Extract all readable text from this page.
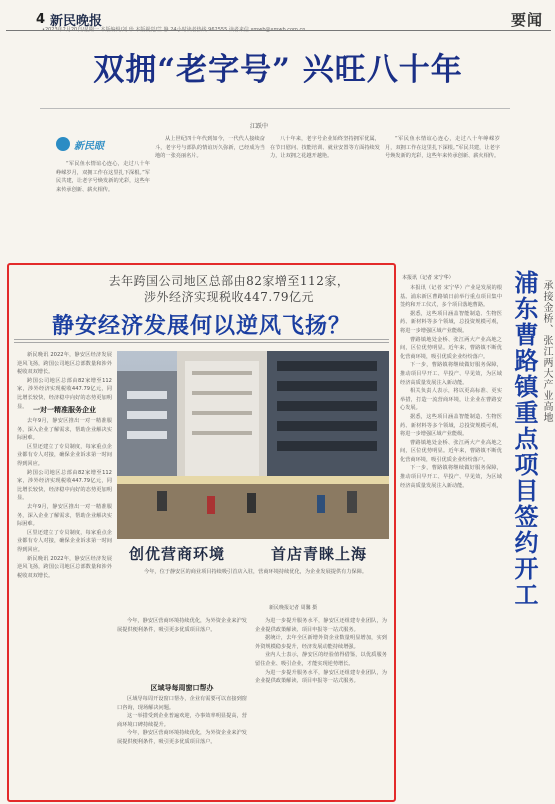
4 新民晚报	要闻
双拥“老字号” 兴旺八十年
江跃中
新民眼

“军民鱼水情谊心连心，走过八十年峥嵘岁月，双拥工作在这里扎下深根。”军民共建，让老字号焕发新的光彩，这些年来传承创新、薪火相传。

从上世纪四十年代到如今，一代代人接续奋斗，老字号与部队的情谊历久弥新，已经成为当地的一张亮丽名片。

八十年来，老字号企业始终坚持拥军优属，在节日慰问、技能培训、就业安置等方面持续发力，让双拥之花越开越艳。

“军民鱼水情谊心连心，走过八十年峥嵘岁月，双拥工作在这里扎下深根。”军民共建，让老字号焕发新的光彩，这些年来传承创新、薪火相传。

去年跨国公司地区总部由82家增至112家，
涉外经济实现税收447.79亿元
静安经济发展何以逆风飞扬？

新民晚讯 2022年，静安区经济发展逆风飞扬，跨国公司地区总部数量和涉外税收双双增长。

跨国公司地区总部由82家增至112家，涉外经济实现税收447.79亿元，同比增长较快，经济稳中向好的态势更加明显。 一对一精准服务企业

去年9月，静安区推出一对一精准服务，深入企业了解需求，帮助企业解决实际困难。

区里还建立了专员制度，每家重点企业都有专人对接，确保企业诉求第一时间得到回应。

跨国公司地区总部由82家增至112家，涉外经济实现税收447.79亿元，同比增长较快，经济稳中向好的态势更加明显。

去年9月，静安区推出一对一精准服务，深入企业了解需求，帮助企业解决实际困难。

区里还建立了专员制度，每家重点企业都有专人对接，确保企业诉求第一时间得到回应。

新民晚讯 2022年，静安区经济发展逆风飞扬，跨国公司地区总部数量和涉外税收双双增长。

创优营商环境	首店青睐上海
今年，位于静安区的商业项目持续吸引首店入驻，营商环境持续优化，为企业发展提供有力保障。
新民晚报记者 周馨 摄

今年，静安区营商环境持续优化，为外资企业来沪发展提供便利条件，吸引更多优质项目落户。

区域导每周窗口帮办

区域导每周开设窗口帮办，企业有需要可以直接到窗口咨询，现场解决问题。

这一举措受到企业普遍欢迎，办事效率明显提高，营商环境口碑持续提升。

今年，静安区营商环境持续优化，为外资企业来沪发展提供便利条件，吸引更多优质项目落户。

为进一步提升服务水平，静安区还组建专业团队，为企业提供政策解读、项目申报等一站式服务。

据统计，去年全区新增外资企业数量明显增加，实到外资规模稳步提升，经济发展动能持续增强。

业内人士表示，静安区的经验值得借鉴，以优质服务留住企业、吸引企业，才能实现逆势增长。

为进一步提升服务水平，静安区还组建专业团队，为企业提供政策解读、项目申报等一站式服务。

本报讯（记者 宋宁华）

本报讯（记者 宋宁华）产业是发展的根基。浦东新区曹路镇日前举行重点项目集中签约和开工仪式，多个项目落地曹路。

据悉，这些项目涵盖智能制造、生物医药、新材料等多个领域，总投资规模可观，将进一步增强区域产业能级。

曹路镇地处金桥、张江两大产业高地之间，区位优势明显。近年来，曹路镇不断优化营商环境，吸引优质企业纷纷落户。

下一步，曹路镇将继续做好服务保障，推动项目早开工、早投产、早见效，为区域经济高质量发展注入新动能。

相关负责人表示，将以更高标准、更实举措，打造一流营商环境，让企业在曹路安心发展。

据悉，这些项目涵盖智能制造、生物医药、新材料等多个领域，总投资规模可观，将进一步增强区域产业能级。

曹路镇地处金桥、张江两大产业高地之间，区位优势明显。近年来，曹路镇不断优化营商环境，吸引优质企业纷纷落户。

下一步，曹路镇将继续做好服务保障，推动项目早开工、早投产、早见效，为区域经济高质量发展注入新动能。	浦东曹路镇重点项目签约开工 承接金桥、张江两大产业高地
